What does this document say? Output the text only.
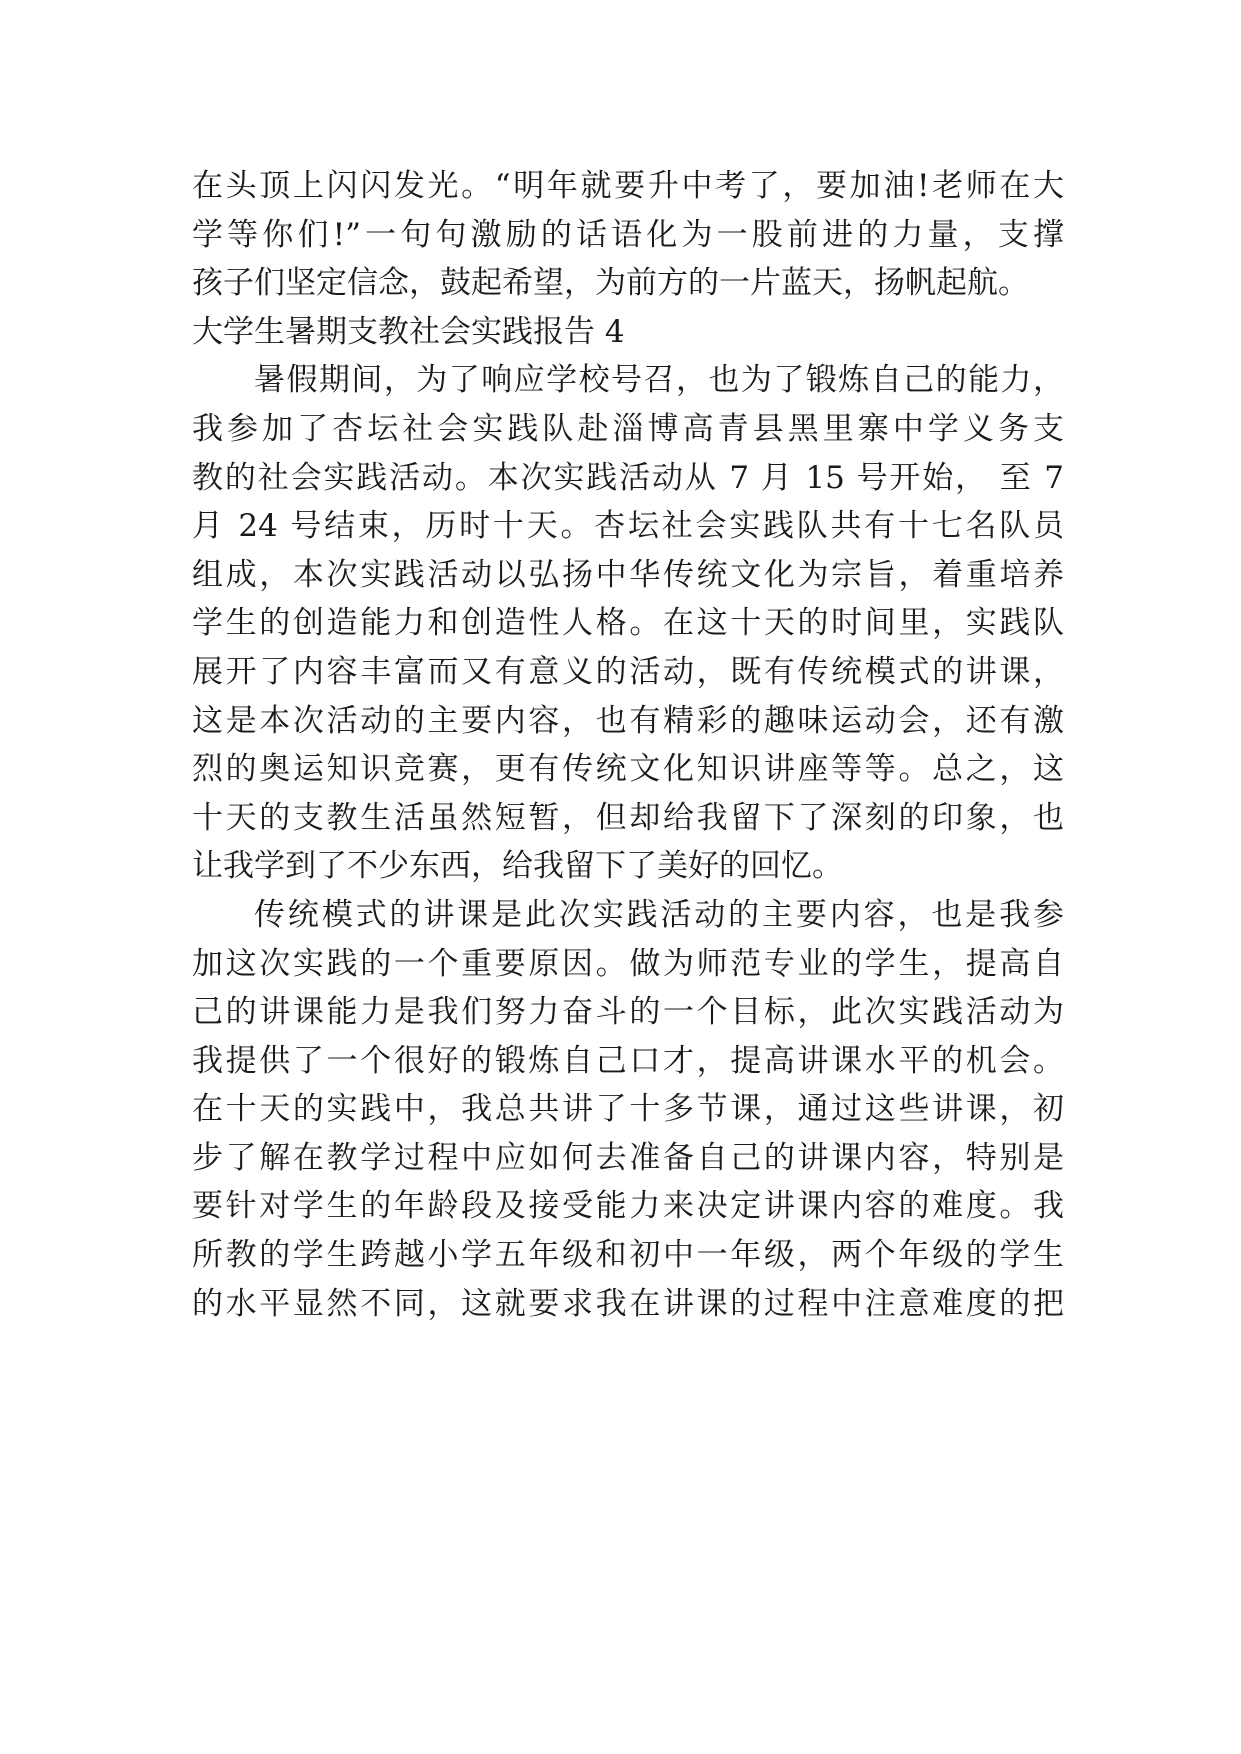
在头顶上闪闪发光。“明年就要升中考了，要加油!老师在大
学等你们!”一句句激励的话语化为一股前进的力量，支撑
孩子们坚定信念，鼓起希望，为前方的一片蓝天，扬帆起航。
大学生暑期支教社会实践报告 4
暑假期间，为了响应学校号召，也为了锻炼自己的能力，
我参加了杏坛社会实践队赴淄博高青县黑里寨中学义务支
教的社会实践活动。本次实践活动从 7 月 15 号开始， 至 7
月 24 号结束，历时十天。杏坛社会实践队共有十七名队员
组成，本次实践活动以弘扬中华传统文化为宗旨，着重培养
学生的创造能力和创造性人格。在这十天的时间里，实践队
展开了内容丰富而又有意义的活动，既有传统模式的讲课，
这是本次活动的主要内容，也有精彩的趣味运动会，还有激
烈的奥运知识竞赛，更有传统文化知识讲座等等。总之，这
十天的支教生活虽然短暂，但却给我留下了深刻的印象，也
让我学到了不少东西，给我留下了美好的回忆。
传统模式的讲课是此次实践活动的主要内容，也是我参
加这次实践的一个重要原因。做为师范专业的学生，提高自
己的讲课能力是我们努力奋斗的一个目标，此次实践活动为
我提供了一个很好的锻炼自己口才，提高讲课水平的机会。
在十天的实践中，我总共讲了十多节课，通过这些讲课，初
步了解在教学过程中应如何去准备自己的讲课内容，特别是
要针对学生的年龄段及接受能力来决定讲课内容的难度。我
所教的学生跨越小学五年级和初中一年级，两个年级的学生
的水平显然不同，这就要求我在讲课的过程中注意难度的把
